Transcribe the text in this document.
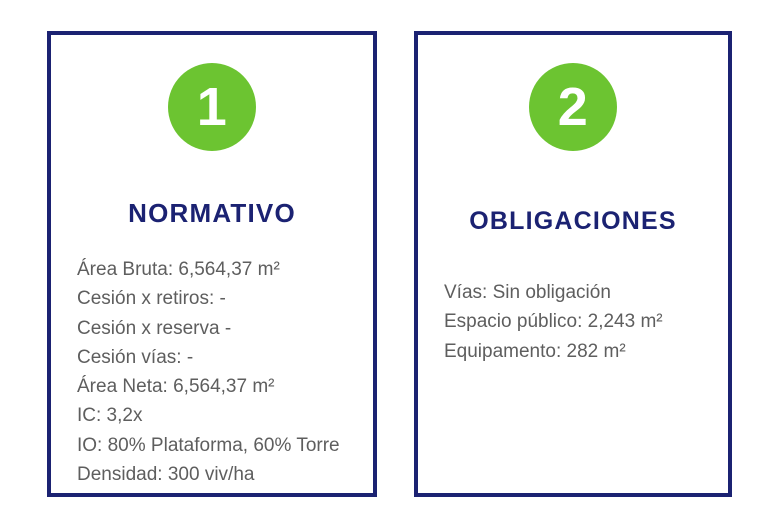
1
NORMATIVO

Área Bruta: 6,564,37 m²

Cesión x retiros: -

Cesión x reserva -

Cesión vías: -

Área Neta: 6,564,37 m²

IC: 3,2x

IO: 80% Plataforma, 60% Torre

Densidad: 300 viv/ha

2
OBLIGACIONES

Vías: Sin obligación

Espacio público: 2,243 m²

Equipamento: 282 m²
